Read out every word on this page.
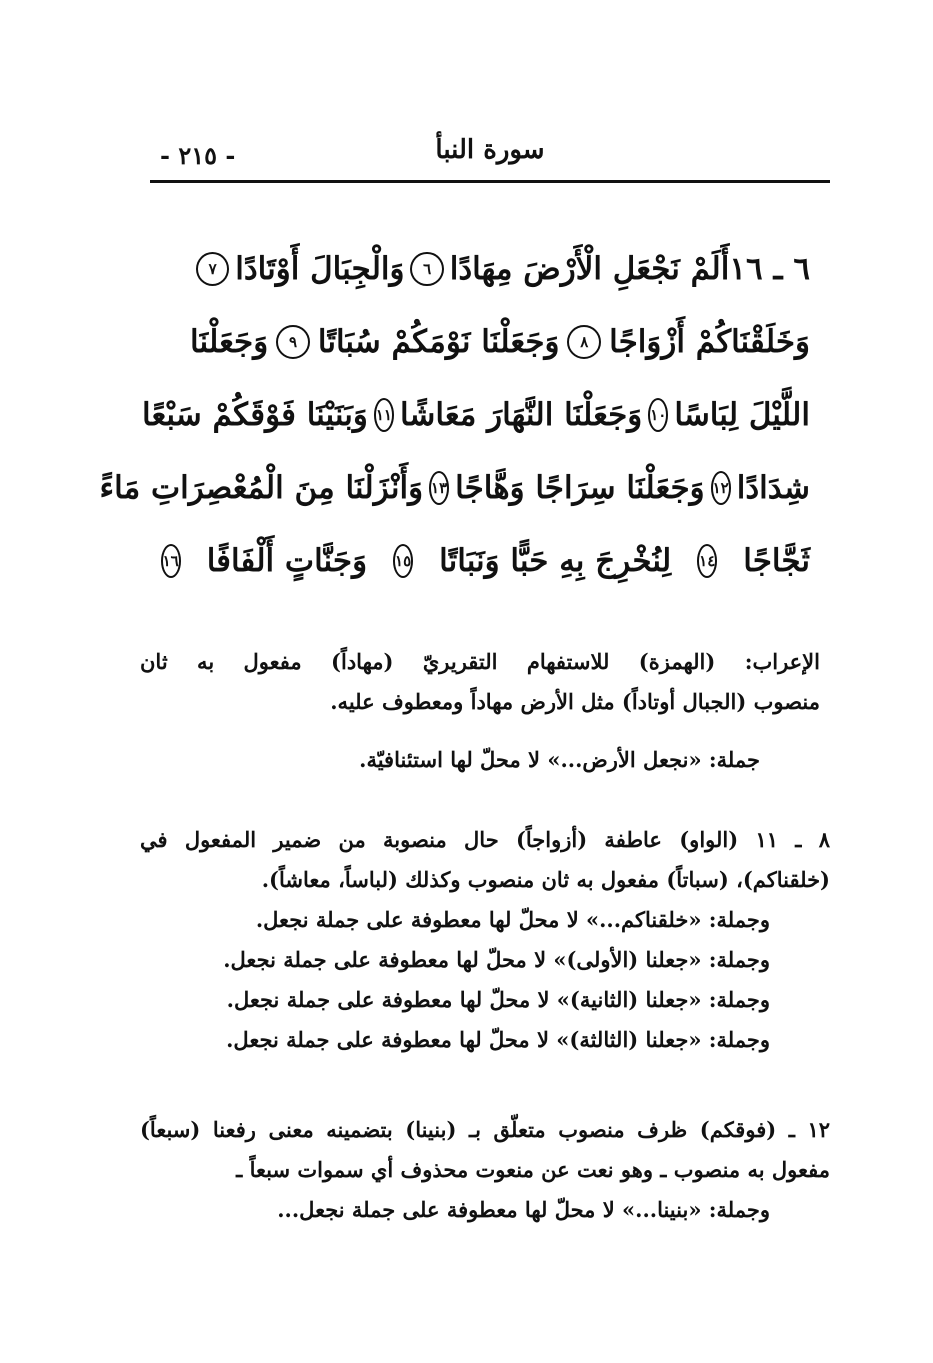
سورة النبأ
- ٢١٥ -
٦ ـ ١٦
أَلَمْ نَجْعَلِ الْأَرْضَ مِهَادًا
٦
وَالْجِبَالَ أَوْتَادًا
٧
وَخَلَقْنَاكُمْ أَزْوَاجًا
٨
وَجَعَلْنَا نَوْمَكُمْ سُبَاتًا
٩
وَجَعَلْنَا
اللَّيْلَ لِبَاسًا
١٠
وَجَعَلْنَا النَّهَارَ مَعَاشًا
١١
وَبَنَيْنَا فَوْقَكُمْ سَبْعًا
شِدَادًا
١٢
وَجَعَلْنَا سِرَاجًا وَهَّاجًا
١٣
وَأَنْزَلْنَا مِنَ الْمُعْصِرَاتِ مَاءً
ثَجَّاجًا
١٤
لِنُخْرِجَ بِهِ حَبًّا وَنَبَاتًا
١٥
وَجَنَّاتٍ أَلْفَافًا
١٦

الإعراب: (الهمزة) للاستفهام التقريريّ (مهاداً) مفعول به ثان

منصوب (الجبال أوتاداً) مثل الأرض مهاداً ومعطوف عليه.

جملة: «نجعل الأرض...» لا محلّ لها استئنافيّة.

٨ ـ ١١ (الواو) عاطفة (أزواجاً) حال منصوبة من ضمير المفعول في

(خلقناكم)، (سباتاً) مفعول به ثان منصوب وكذلك (لباساً، معاشاً).

وجملة: «خلقناكم...» لا محلّ لها معطوفة على جملة نجعل.

وجملة: «جعلنا (الأولى)» لا محلّ لها معطوفة على جملة نجعل.

وجملة: «جعلنا (الثانية)» لا محلّ لها معطوفة على جملة نجعل.

وجملة: «جعلنا (الثالثة)» لا محلّ لها معطوفة على جملة نجعل.

١٢ ـ (فوقكم) ظرف منصوب متعلّق بـ (بنينا) بتضمينه معنى رفعنا (سبعاً)

مفعول به منصوب ـ وهو نعت عن منعوت محذوف أي سموات سبعاً ـ

وجملة: «بنينا...» لا محلّ لها معطوفة على جملة نجعل...
